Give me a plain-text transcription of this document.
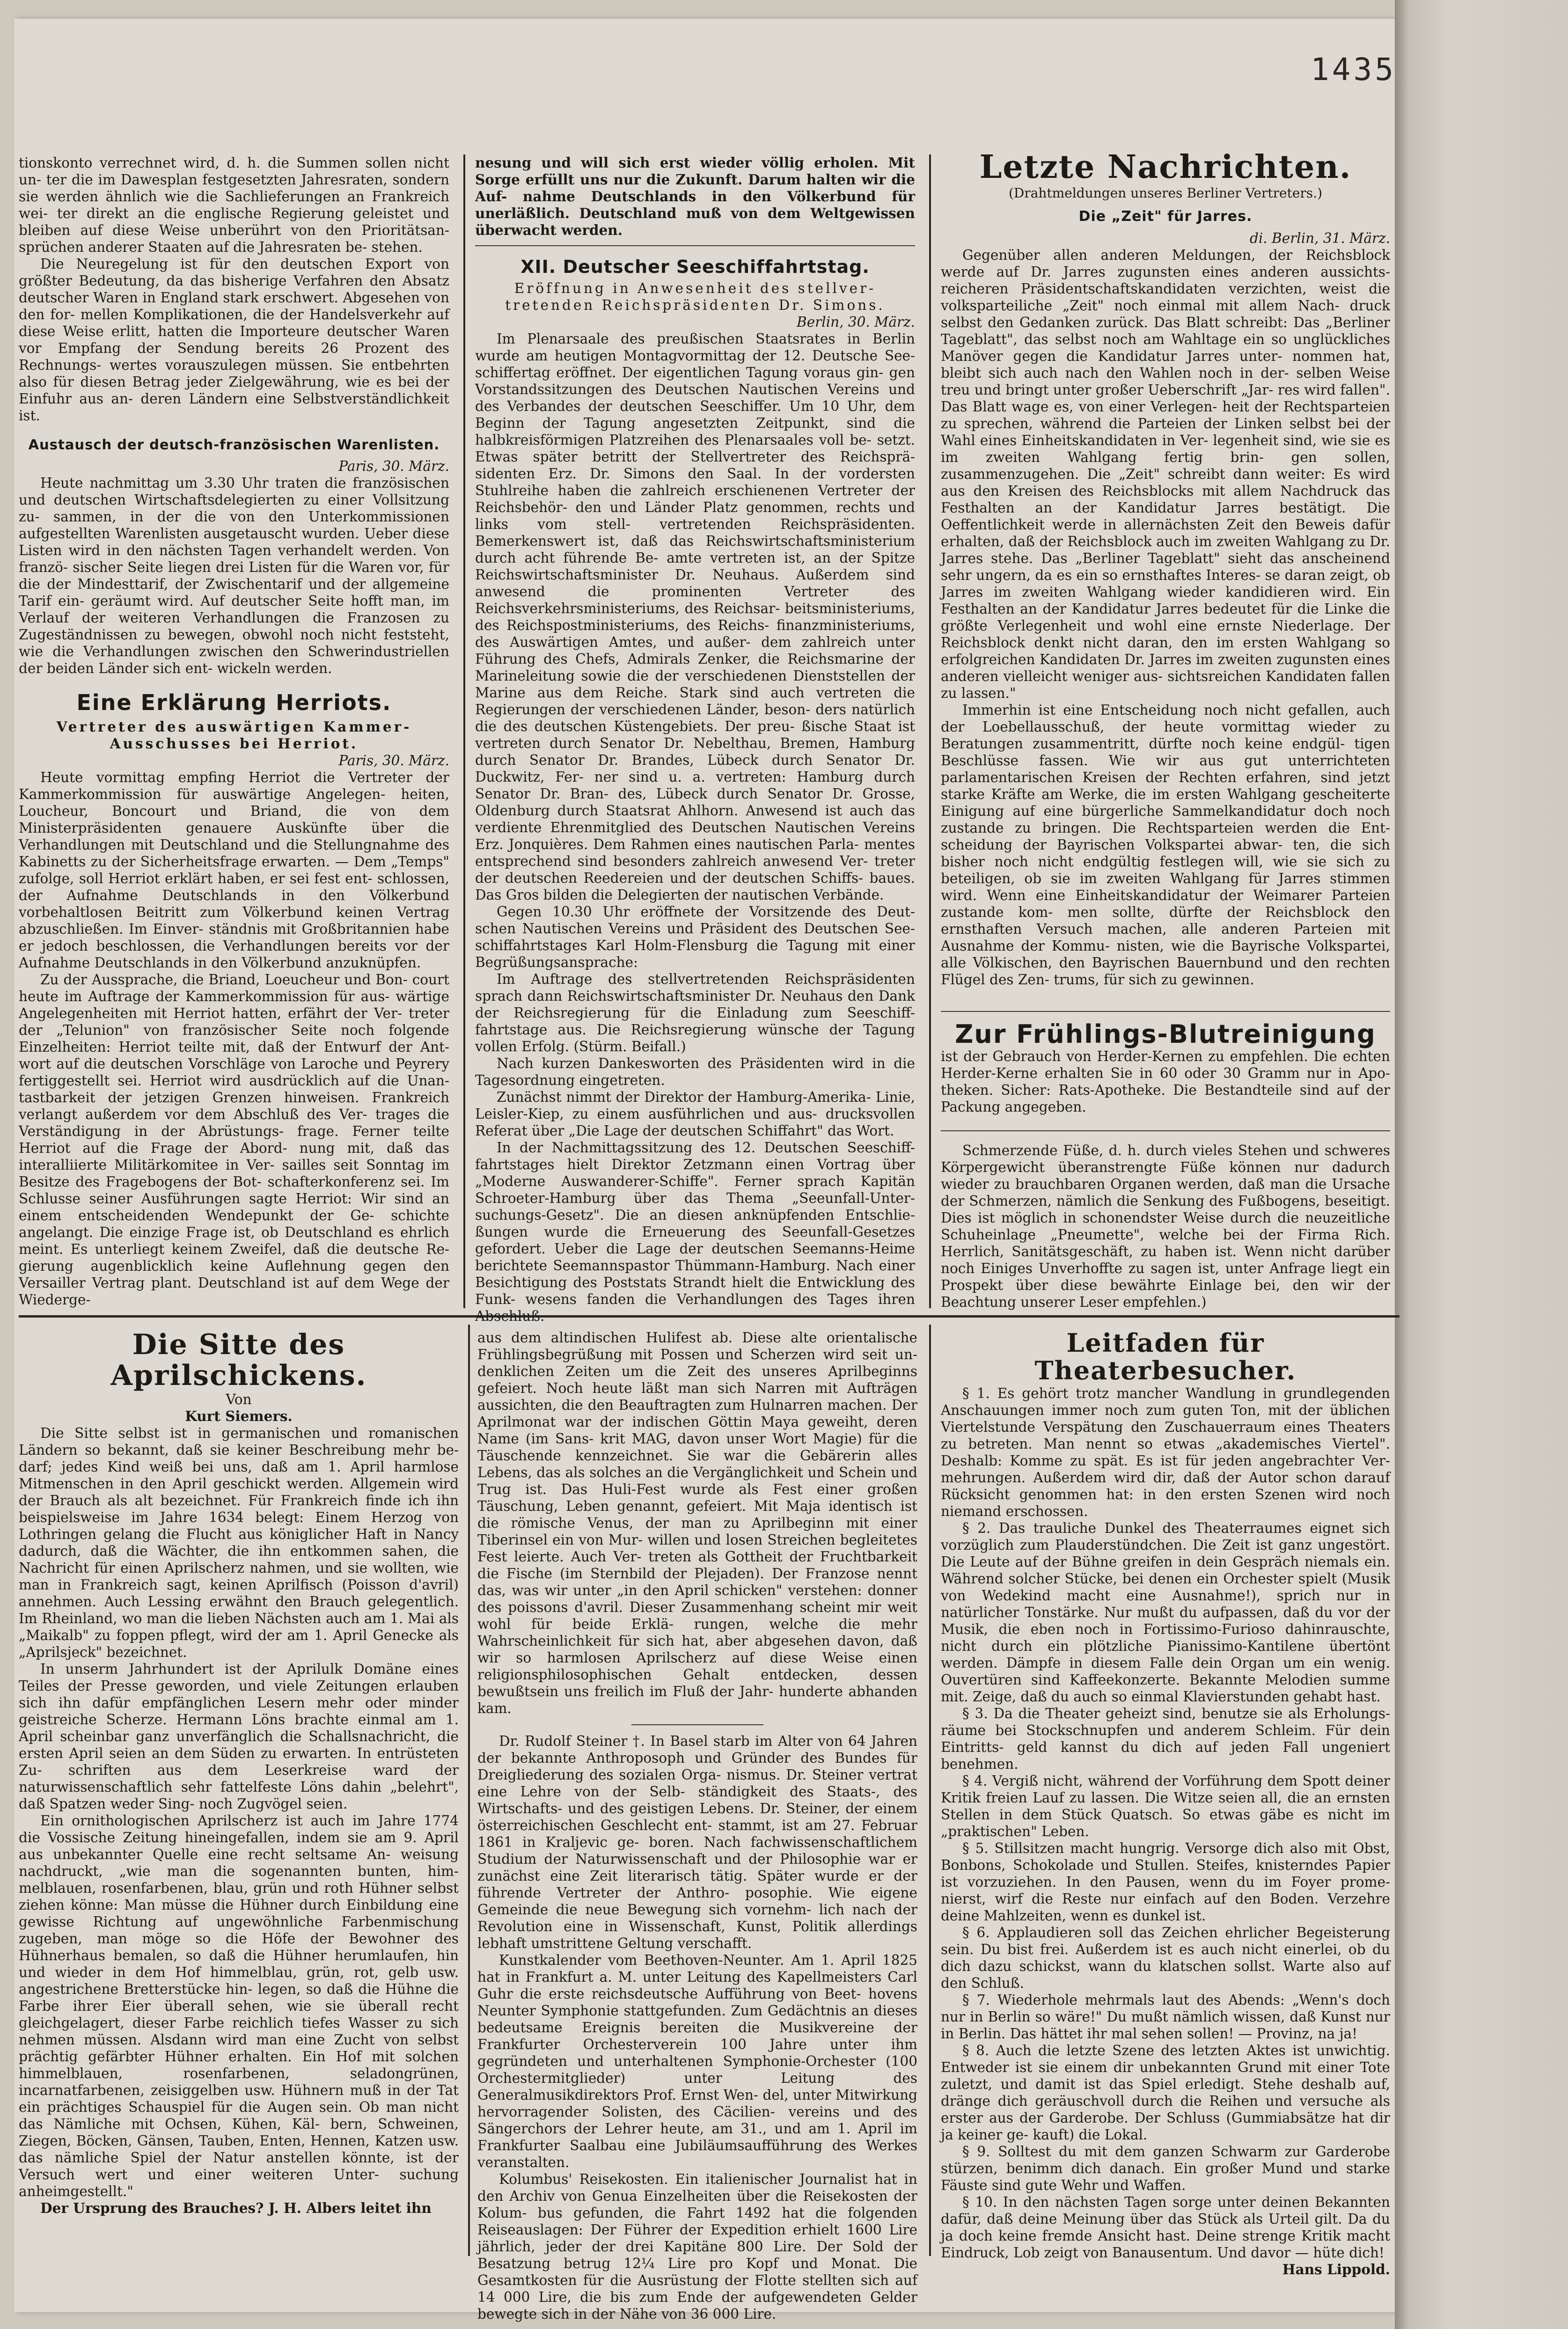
1435

tionskonto verrechnet wird, d. h. die Summen sollen nicht un- ter die im Dawesplan festgesetzten Jahresraten, sondern sie werden ähnlich wie die Sachlieferungen an Frankreich wei- ter direkt an die englische Regierung geleistet und bleiben auf diese Weise unberührt von den Prioritätsan- sprüchen anderer Staaten auf die Jahresraten be- stehen.

Die Neuregelung ist für den deutschen Export von größter Bedeutung, da das bisherige Verfahren den Absatz deutscher Waren in England stark erschwert. Abgesehen von den for- mellen Komplikationen, die der Handelsverkehr auf diese Weise erlitt, hatten die Importeure deutscher Waren vor Empfang der Sendung bereits 26 Prozent des Rechnungs- wertes vorauszulegen müssen. Sie entbehrten also für diesen Betrag jeder Zielgewährung, wie es bei der Einfuhr aus an- deren Ländern eine Selbstverständlichkeit ist.

Austausch der deutsch-französischen Warenlisten.

Paris, 30. März.

Heute nachmittag um 3.30 Uhr traten die französischen und deutschen Wirtschaftsdelegierten zu einer Vollsitzung zu- sammen, in der die von den Unterkommissionen aufgestellten Warenlisten ausgetauscht wurden. Ueber diese Listen wird in den nächsten Tagen verhandelt werden. Von franzö- sischer Seite liegen drei Listen für die Waren vor, für die der Mindesttarif, der Zwischentarif und der allgemeine Tarif ein- geräumt wird. Auf deutscher Seite hofft man, im Verlauf der weiteren Verhandlungen die Franzosen zu Zugeständnissen zu bewegen, obwohl noch nicht feststeht, wie die Verhandlungen zwischen den Schwerindustriellen der beiden Länder sich ent- wickeln werden.

Eine Erklärung Herriots.

Vertreter des auswärtigen Kammer- Ausschusses bei Herriot.

Paris, 30. März.

Heute vormittag empfing Herriot die Vertreter der Kammerkommission für auswärtige Angelegen- heiten, Loucheur, Boncourt und Briand, die von dem Ministerpräsidenten genauere Auskünfte über die Verhandlungen mit Deutschland und die Stellungnahme des Kabinetts zu der Sicherheitsfrage erwarten. — Dem „Temps" zufolge, soll Herriot erklärt haben, er sei fest ent- schlossen, der Aufnahme Deutschlands in den Völkerbund vorbehaltlosen Beitritt zum Völkerbund keinen Vertrag abzuschließen. Im Einver- ständnis mit Großbritannien habe er jedoch beschlossen, die Verhandlungen bereits vor der Aufnahme Deutschlands in den Völkerbund anzuknüpfen.

Zu der Aussprache, die Briand, Loeucheur und Bon- court heute im Auftrage der Kammerkommission für aus- wärtige Angelegenheiten mit Herriot hatten, erfährt der Ver- treter der „Telunion" von französischer Seite noch folgende Einzelheiten: Herriot teilte mit, daß der Entwurf der Ant- wort auf die deutschen Vorschläge von Laroche und Peyrery fertiggestellt sei. Herriot wird ausdrücklich auf die Unan- tastbarkeit der jetzigen Grenzen hinweisen. Frankreich verlangt außerdem vor dem Abschluß des Ver- trages die Verständigung in der Abrüstungs- frage. Ferner teilte Herriot auf die Frage der Abord- nung mit, daß das interalliierte Militärkomitee in Ver- sailles seit Sonntag im Besitze des Fragebogens der Bot- schafterkonferenz sei. Im Schlusse seiner Ausführungen sagte Herriot: Wir sind an einem entscheidenden Wendepunkt der Ge- schichte angelangt. Die einzige Frage ist, ob Deutschland es ehrlich meint. Es unterliegt keinem Zweifel, daß die deutsche Re- gierung augenblicklich keine Auflehnung gegen den Versailler Vertrag plant. Deutschland ist auf dem Wege der Wiederge-

nesung und will sich erst wieder völlig erholen. Mit Sorge erfüllt uns nur die Zukunft. Darum halten wir die Auf- nahme Deutschlands in den Völkerbund für unerläßlich. Deutschland muß von dem Weltgewissen überwacht werden.

XII. Deutscher Seeschiffahrtstag.

Eröffnung in Anwesenheit des stellver- tretenden Reichspräsidenten Dr. Simons.

Berlin, 30. März.

Im Plenarsaale des preußischen Staatsrates in Berlin wurde am heutigen Montagvormittag der 12. Deutsche See- schiffertag eröffnet. Der eigentlichen Tagung voraus gin- gen Vorstandssitzungen des Deutschen Nautischen Vereins und des Verbandes der deutschen Seeschiffer. Um 10 Uhr, dem Beginn der Tagung angesetzten Zeitpunkt, sind die halbkreisförmigen Platzreihen des Plenarsaales voll be- setzt. Etwas später betritt der Stellvertreter des Reichsprä- sidenten Erz. Dr. Simons den Saal. In der vordersten Stuhlreihe haben die zahlreich erschienenen Vertreter der Reichsbehör- den und Länder Platz genommen, rechts und links vom stell- vertretenden Reichspräsidenten. Bemerkenswert ist, daß das Reichswirtschaftsministerium durch acht führende Be- amte vertreten ist, an der Spitze Reichswirtschaftsminister Dr. Neuhaus. Außerdem sind anwesend die prominenten Vertreter des Reichsverkehrsministeriums, des Reichsar- beitsministeriums, des Reichspostministeriums, des Reichs- finanzministeriums, des Auswärtigen Amtes, und außer- dem zahlreich unter Führung des Chefs, Admirals Zenker, die Reichsmarine der Marineleitung sowie die der verschiedenen Dienststellen der Marine aus dem Reiche. Stark sind auch vertreten die Regierungen der verschiedenen Länder, beson- ders natürlich die des deutschen Küstengebiets. Der preu- ßische Staat ist vertreten durch Senator Dr. Nebelthau, Bremen, Hamburg durch Senator Dr. Brandes, Lübeck durch Senator Dr. Duckwitz, Fer- ner sind u. a. vertreten: Hamburg durch Senator Dr. Bran- des, Lübeck durch Senator Dr. Grosse, Oldenburg durch Staatsrat Ahlhorn. Anwesend ist auch das verdiente Ehrenmitglied des Deutschen Nautischen Vereins Erz. Jonquières. Dem Rahmen eines nautischen Parla- mentes entsprechend sind besonders zahlreich anwesend Ver- treter der deutschen Reedereien und der deutschen Schiffs- baues. Das Gros bilden die Delegierten der nautischen Verbände.

Gegen 10.30 Uhr eröffnete der Vorsitzende des Deut- schen Nautischen Vereins und Präsident des Deutschen See- schiffahrtstages Karl Holm-Flensburg die Tagung mit einer Begrüßungsansprache:

Im Auftrage des stellvertretenden Reichspräsidenten sprach dann Reichswirtschaftsminister Dr. Neuhaus den Dank der Reichsregierung für die Einladung zum Seeschiff- fahrtstage aus. Die Reichsregierung wünsche der Tagung vollen Erfolg. (Stürm. Beifall.)

Nach kurzen Dankesworten des Präsidenten wird in die Tagesordnung eingetreten.

Zunächst nimmt der Direktor der Hamburg-Amerika- Linie, Leisler-Kiep, zu einem ausführlichen und aus- drucksvollen Referat über „Die Lage der deutschen Schiffahrt" das Wort.

In der Nachmittagssitzung des 12. Deutschen Seeschiff- fahrtstages hielt Direktor Zetzmann einen Vortrag über „Moderne Auswanderer-Schiffe". Ferner sprach Kapitän Schroeter-Hamburg über das Thema „Seeunfall-Unter- suchungs-Gesetz". Die an diesen anknüpfenden Entschlie- ßungen wurde die Erneuerung des Seeunfall-Gesetzes gefordert. Ueber die Lage der deutschen Seemanns-Heime berichtete Seemannspastor Thümmann-Hamburg. Nach einer Besichtigung des Poststats Strandt hielt die Entwicklung des Funk- wesens fanden die Verhandlungen des Tages ihren Abschluß.

Letzte Nachrichten.

(Drahtmeldungen unseres Berliner Vertreters.)

Die „Zeit" für Jarres.

di. Berlin, 31. März.

Gegenüber allen anderen Meldungen, der Reichsblock werde auf Dr. Jarres zugunsten eines anderen aussichts- reicheren Präsidentschaftskandidaten verzichten, weist die volksparteiliche „Zeit" noch einmal mit allem Nach- druck selbst den Gedanken zurück. Das Blatt schreibt: Das „Berliner Tageblatt", das selbst noch am Wahltage ein so unglückliches Manöver gegen die Kandidatur Jarres unter- nommen hat, bleibt sich auch nach den Wahlen noch in der- selben Weise treu und bringt unter großer Ueberschrift „Jar- res wird fallen". Das Blatt wage es, von einer Verlegen- heit der Rechtsparteien zu sprechen, während die Parteien der Linken selbst bei der Wahl eines Einheitskandidaten in Ver- legenheit sind, wie sie es im zweiten Wahlgang fertig brin- gen sollen, zusammenzugehen. Die „Zeit" schreibt dann weiter: Es wird aus den Kreisen des Reichsblocks mit allem Nachdruck das Festhalten an der Kandidatur Jarres bestätigt. Die Oeffentlichkeit werde in allernächsten Zeit den Beweis dafür erhalten, daß der Reichsblock auch im zweiten Wahlgang zu Dr. Jarres stehe. Das „Berliner Tageblatt" sieht das anscheinend sehr ungern, da es ein so ernsthaftes Interes- se daran zeigt, ob Jarres im zweiten Wahlgang wieder kandidieren wird. Ein Festhalten an der Kandidatur Jarres bedeutet für die Linke die größte Verlegenheit und wohl eine ernste Niederlage. Der Reichsblock denkt nicht daran, den im ersten Wahlgang so erfolgreichen Kandidaten Dr. Jarres im zweiten zugunsten eines anderen vielleicht weniger aus- sichtsreichen Kandidaten fallen zu lassen."

Immerhin ist eine Entscheidung noch nicht gefallen, auch der Loebellausschuß, der heute vormittag wieder zu Beratungen zusammentritt, dürfte noch keine endgül- tigen Beschlüsse fassen. Wie wir aus gut unterrichteten parlamentarischen Kreisen der Rechten erfahren, sind jetzt starke Kräfte am Werke, die im ersten Wahlgang gescheiterte Einigung auf eine bürgerliche Sammelkandidatur doch noch zustande zu bringen. Die Rechtsparteien werden die Ent- scheidung der Bayrischen Volkspartei abwar- ten, die sich bisher noch nicht endgültig festlegen will, wie sie sich zu beteiligen, ob sie im zweiten Wahlgang für Jarres stimmen wird. Wenn eine Einheitskandidatur der Weimarer Parteien zustande kom- men sollte, dürfte der Reichsblock den ernsthaften Versuch machen, alle anderen Parteien mit Ausnahme der Kommu- nisten, wie die Bayrische Volkspartei, alle Völkischen, den Bayrischen Bauernbund und den rechten Flügel des Zen- trums, für sich zu gewinnen.

Zur Frühlings-Blutreinigung

ist der Gebrauch von Herder-Kernen zu empfehlen. Die echten Herder-Kerne erhalten Sie in 60 oder 30 Gramm nur in Apo- theken. Sicher: Rats-Apotheke. Die Bestandteile sind auf der Packung angegeben.

Schmerzende Füße, d. h. durch vieles Stehen und schweres Körpergewicht überanstrengte Füße können nur dadurch wieder zu brauchbaren Organen werden, daß man die Ursache der Schmerzen, nämlich die Senkung des Fußbogens, beseitigt. Dies ist möglich in schonendster Weise durch die neuzeitliche Schuheinlage „Pneumette", welche bei der Firma Rich. Herrlich, Sanitätsgeschäft, zu haben ist. Wenn nicht darüber noch Einiges Unverhoffte zu sagen ist, unter Anfrage liegt ein Prospekt über diese bewährte Einlage bei, den wir der Beachtung unserer Leser empfehlen.)

Die Sitte des Aprilschickens.

Von

Kurt Siemers.

Die Sitte selbst ist in germanischen und romanischen Ländern so bekannt, daß sie keiner Beschreibung mehr be- darf; jedes Kind weiß bei uns, daß am 1. April harmlose Mitmenschen in den April geschickt werden. Allgemein wird der Brauch als alt bezeichnet. Für Frankreich finde ich ihn beispielsweise im Jahre 1634 belegt: Einem Herzog von Lothringen gelang die Flucht aus königlicher Haft in Nancy dadurch, daß die Wächter, die ihn entkommen sahen, die Nachricht für einen Aprilscherz nahmen, und sie wollten, wie man in Frankreich sagt, keinen Aprilfisch (Poisson d'avril) annehmen. Auch Lessing erwähnt den Brauch gelegentlich. Im Rheinland, wo man die lieben Nächsten auch am 1. Mai als „Maikalb" zu foppen pflegt, wird der am 1. April Genecke als „Aprilsjeck" bezeichnet.

In unserm Jahrhundert ist der Aprilulk Domäne eines Teiles der Presse geworden, und viele Zeitungen erlauben sich ihn dafür empfänglichen Lesern mehr oder minder geistreiche Scherze. Hermann Löns brachte einmal am 1. April scheinbar ganz unverfänglich die Schallsnachricht, die ersten April seien an dem Süden zu erwarten. In entrüsteten Zu- schriften aus dem Leserkreise ward der naturwissenschaftlich sehr fattelfeste Löns dahin „belehrt", daß Spatzen weder Sing- noch Zugvögel seien.

Ein ornithologischen Aprilscherz ist auch im Jahre 1774 die Vossische Zeitung hineingefallen, indem sie am 9. April aus unbekannter Quelle eine recht seltsame An- weisung nachdruckt, „wie man die sogenannten bunten, him- melblauen, rosenfarbenen, blau, grün und roth Hühner selbst ziehen könne: Man müsse die Hühner durch Einbildung eine gewisse Richtung auf ungewöhnliche Farbenmischung zugeben, man möge so die Höfe der Bewohner des Hühnerhaus bemalen, so daß die Hühner herumlaufen, hin und wieder in dem Hof himmelblau, grün, rot, gelb usw. angestrichene Bretterstücke hin- legen, so daß die Hühne die Farbe ihrer Eier überall sehen, wie sie überall recht gleichgelagert, dieser Farbe reichlich tiefes Wasser zu sich nehmen müssen. Alsdann wird man eine Zucht von selbst prächtig gefärbter Hühner erhalten. Ein Hof mit solchen himmelblauen, rosenfarbenen, seladongrünen, incarnatfarbenen, zeisiggelben usw. Hühnern muß in der Tat ein prächtiges Schauspiel für die Augen sein. Ob man nicht das Nämliche mit Ochsen, Kühen, Käl- bern, Schweinen, Ziegen, Böcken, Gänsen, Tauben, Enten, Hennen, Katzen usw. das nämliche Spiel der Natur anstellen könnte, ist der Versuch wert und einer weiteren Unter- suchung anheimgestellt."

Der Ursprung des Brauches? J. H. Albers leitet ihn

aus dem altindischen Hulifest ab. Diese alte orientalische Frühlingsbegrüßung mit Possen und Scherzen wird seit un- denklichen Zeiten um die Zeit des unseres Aprilbeginns gefeiert. Noch heute läßt man sich Narren mit Aufträgen aussichten, die den Beauftragten zum Hulnarren machen. Der Aprilmonat war der indischen Göttin Maya geweiht, deren Name (im Sans- krit MAG, davon unser Wort Magie) für die Täuschende kennzeichnet. Sie war die Gebärerin alles Lebens, das als solches an die Vergänglichkeit und Schein und Trug ist. Das Huli-Fest wurde als Fest einer großen Täuschung, Leben genannt, gefeiert. Mit Maja identisch ist die römische Venus, der man zu Aprilbeginn mit einer Tiberinsel ein von Mur- willen und losen Streichen begleitetes Fest leierte. Auch Ver- treten als Gottheit der Fruchtbarkeit die Fische (im Sternbild der Plejaden). Der Franzose nennt das, was wir unter „in den April schicken" verstehen: donner des poissons d'avril. Dieser Zusammenhang scheint mir weit wohl für beide Erklä- rungen, welche die mehr Wahrscheinlichkeit für sich hat, aber abgesehen davon, daß wir so harmlosen Aprilscherz auf diese Weise einen religionsphilosophischen Gehalt entdecken, dessen bewußtsein uns freilich im Fluß der Jahr- hunderte abhanden kam.

Dr. Rudolf Steiner †. In Basel starb im Alter von 64 Jahren der bekannte Anthroposoph und Gründer des Bundes für Dreigliederung des sozialen Orga- nismus. Dr. Steiner vertrat eine Lehre von der Selb- ständigkeit des Staats-, des Wirtschafts- und des geistigen Lebens. Dr. Steiner, der einem österreichischen Geschlecht ent- stammt, ist am 27. Februar 1861 in Kraljevic ge- boren. Nach fachwissenschaftlichem Studium der Naturwissenschaft und der Philosophie war er zunächst eine Zeit literarisch tätig. Später wurde er der führende Vertreter der Anthro- posophie. Wie eigene Gemeinde die neue Bewegung sich vornehm- lich nach der Revolution eine in Wissenschaft, Kunst, Politik allerdings lebhaft umstrittene Geltung verschafft.

Kunstkalender vom Beethoven-Neunter. Am 1. April 1825 hat in Frankfurt a. M. unter Leitung des Kapellmeisters Carl Guhr die erste reichsdeutsche Aufführung von Beet- hovens Neunter Symphonie stattgefunden. Zum Gedächtnis an dieses bedeutsame Ereignis bereiten die Musikvereine der Frankfurter Orchesterverein 100 Jahre unter ihm gegründeten und unterhaltenen Symphonie-Orchester (100 Orchestermitglieder) unter Leitung des Generalmusikdirektors Prof. Ernst Wen- del, unter Mitwirkung hervorragender Solisten, des Cäcilien- vereins und des Sängerchors der Lehrer heute, am 31., und am 1. April im Frankfurter Saalbau eine Jubiläumsaufführung des Werkes veranstalten.

Kolumbus' Reisekosten. Ein italienischer Journalist hat in den Archiv von Genua Einzelheiten über die Reisekosten der Kolum- bus gefunden, die Fahrt 1492 hat die folgenden Reiseauslagen: Der Führer der Expedition erhielt 1600 Lire jährlich, jeder der drei Kapitäne 800 Lire. Der Sold der Besatzung betrug 12¼ Lire pro Kopf und Monat. Die Gesamtkosten für die Ausrüstung der Flotte stellten sich auf 14 000 Lire, die bis zum Ende der aufgewendeten Gelder bewegte sich in der Nähe von 36 000 Lire.

Leitfaden für Theaterbesucher.

§ 1. Es gehört trotz mancher Wandlung in grundlegenden Anschauungen immer noch zum guten Ton, mit der üblichen Viertelstunde Verspätung den Zuschauerraum eines Theaters zu betreten. Man nennt so etwas „akademisches Viertel". Deshalb: Komme zu spät. Es ist für jeden angebrachter Ver- mehrungen. Außerdem wird dir, daß der Autor schon darauf Rücksicht genommen hat: in den ersten Szenen wird noch niemand erschossen.

§ 2. Das trauliche Dunkel des Theaterraumes eignet sich vorzüglich zum Plauderstündchen. Die Zeit ist ganz ungestört. Die Leute auf der Bühne greifen in dein Gespräch niemals ein. Während solcher Stücke, bei denen ein Orchester spielt (Musik von Wedekind macht eine Ausnahme!), sprich nur in natürlicher Tonstärke. Nur mußt du aufpassen, daß du vor der Musik, die eben noch in Fortissimo-Furioso dahinrauschte, nicht durch ein plötzliche Pianissimo-Kantilene übertönt werden. Dämpfe in diesem Falle dein Organ um ein wenig. Ouvertüren sind Kaffeekonzerte. Bekannte Melodien summe mit. Zeige, daß du auch so einmal Klavierstunden gehabt hast.

§ 3. Da die Theater geheizt sind, benutze sie als Erholungs- räume bei Stockschnupfen und anderem Schleim. Für dein Eintritts- geld kannst du dich auf jeden Fall ungeniert benehmen.

§ 4. Vergiß nicht, während der Vorführung dem Spott deiner Kritik freien Lauf zu lassen. Die Witze seien all, die an ernsten Stellen in dem Stück Quatsch. So etwas gäbe es nicht im „praktischen" Leben.

§ 5. Stillsitzen macht hungrig. Versorge dich also mit Obst, Bonbons, Schokolade und Stullen. Steifes, knisterndes Papier ist vorzuziehen. In den Pausen, wenn du im Foyer prome- nierst, wirf die Reste nur einfach auf den Boden. Verzehre deine Mahlzeiten, wenn es dunkel ist.

§ 6. Applaudieren soll das Zeichen ehrlicher Begeisterung sein. Du bist frei. Außerdem ist es auch nicht einerlei, ob du dich dazu schickst, wann du klatschen sollst. Warte also auf den Schluß.

§ 7. Wiederhole mehrmals laut des Abends: „Wenn's doch nur in Berlin so wäre!" Du mußt nämlich wissen, daß Kunst nur in Berlin. Das hättet ihr mal sehen sollen! — Provinz, na ja!

§ 8. Auch die letzte Szene des letzten Aktes ist unwichtig. Entweder ist sie einem dir unbekannten Grund mit einer Tote zuletzt, und damit ist das Spiel erledigt. Stehe deshalb auf, dränge dich geräuschvoll durch die Reihen und versuche als erster aus der Garderobe. Der Schluss (Gummiabsätze hat dir ja keiner ge- kauft) die Lokal.

§ 9. Solltest du mit dem ganzen Schwarm zur Garderobe stürzen, benimm dich danach. Ein großer Mund und starke Fäuste sind gute Wehr und Waffen.

§ 10. In den nächsten Tagen sorge unter deinen Bekannten dafür, daß deine Meinung über das Stück als Urteil gilt. Da du ja doch keine fremde Ansicht hast. Deine strenge Kritik macht Eindruck, Lob zeigt von Banausentum. Und davor — hüte dich!

Hans Lippold.
